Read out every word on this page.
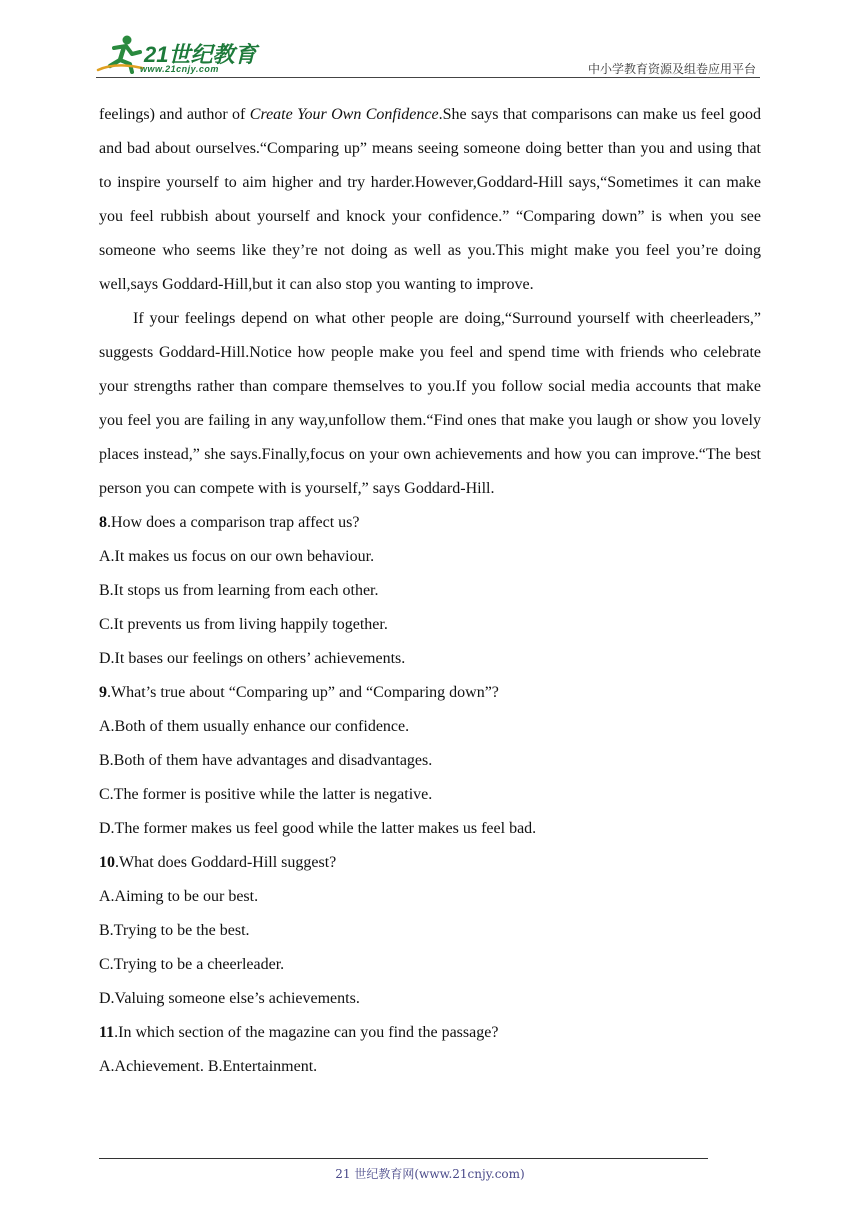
21世纪教育
www.21cnjy.com	中小学教育资源及组卷应用平台

feelings) and author of Create Your Own Confidence.She says that comparisons can make us feel good and bad about ourselves.“Comparing up” means seeing someone doing better than you and using that to inspire yourself to aim higher and try harder.However,Goddard-Hill says,“Sometimes it can make you feel rubbish about yourself and knock your confidence.” “Comparing down” is when you see someone who seems like they’re not doing as well as you.This might make you feel you’re doing well,says Goddard-Hill,but it can also stop you wanting to improve.

If your feelings depend on what other people are doing,“Surround yourself with cheerleaders,” suggests Goddard-Hill.Notice how people make you feel and spend time with friends who celebrate your strengths rather than compare themselves to you.If you follow social media accounts that make you feel you are failing in any way,unfollow them.“Find ones that make you laugh or show you lovely places instead,” she says.Finally,focus on your own achievements and how you can improve.“The best person you can compete with is yourself,” says Goddard-Hill.

8.How does a comparison trap affect us?

A.It makes us focus on our own behaviour.

B.It stops us from learning from each other.

C.It prevents us from living happily together.

D.It bases our feelings on others’ achievements.

9.What’s true about “Comparing up” and “Comparing down”?

A.Both of them usually enhance our confidence.

B.Both of them have advantages and disadvantages.

C.The former is positive while the latter is negative.

D.The former makes us feel good while the latter makes us feel bad.

10.What does Goddard-Hill suggest?

A.Aiming to be our best.

B.Trying to be the best.

C.Trying to be a cheerleader.

D.Valuing someone else’s achievements.

11.In which section of the magazine can you find the passage?

A.Achievement. B.Entertainment.

21 世纪教育网(www.21cnjy.com)
